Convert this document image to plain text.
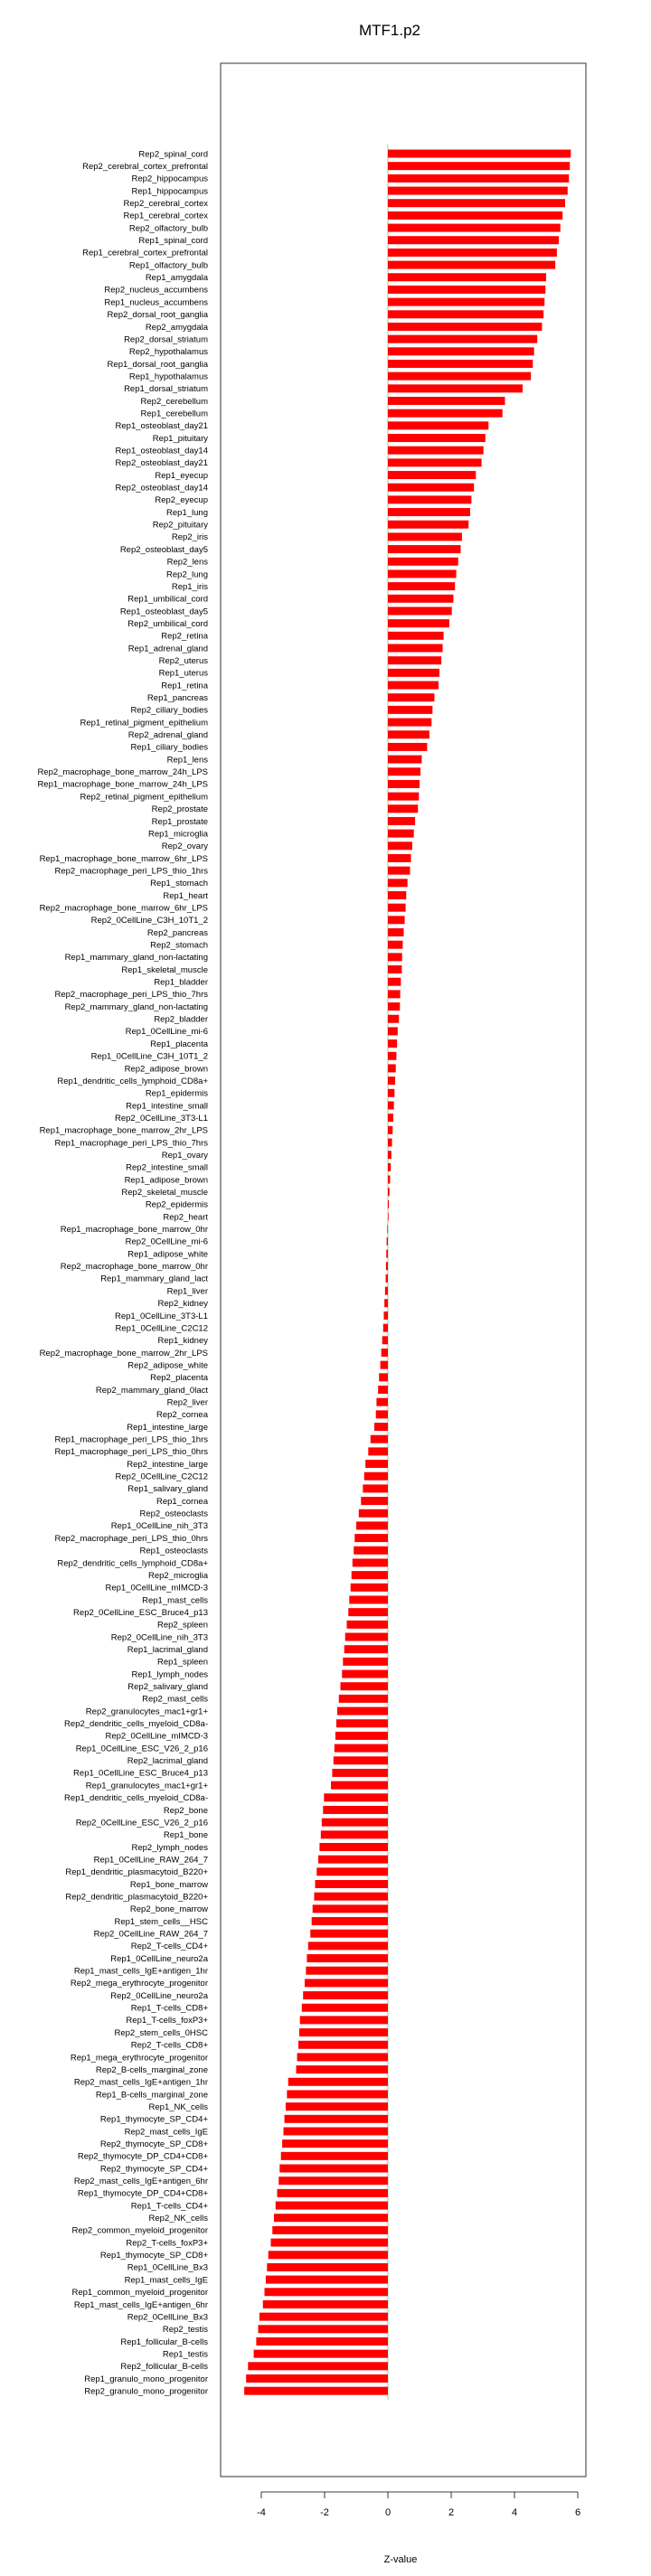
MTF1.p2
Rep2_spinal_cord
Rep2_cerebral_cortex_prefrontal
Rep2_hippocampus
Rep1_hippocampus
Rep2_cerebral_cortex
Rep1_cerebral_cortex
Rep2_olfactory_bulb
Rep1_spinal_cord
Rep1_cerebral_cortex_prefrontal
Rep1_olfactory_bulb
Rep1_amygdala
Rep2_nucleus_accumbens
Rep1_nucleus_accumbens
Rep2_dorsal_root_ganglia
Rep2_amygdala
Rep2_dorsal_striatum
Rep2_hypothalamus
Rep1_dorsal_root_ganglia
Rep1_hypothalamus
Rep1_dorsal_striatum
Rep2_cerebellum
Rep1_cerebellum
Rep1_osteoblast_day21
Rep1_pituitary
Rep1_osteoblast_day14
Rep2_osteoblast_day21
Rep1_eyecup
Rep2_osteoblast_day14
Rep2_eyecup
Rep1_lung
Rep2_pituitary
Rep2_iris
Rep2_osteoblast_day5
Rep2_lens
Rep2_lung
Rep1_iris
Rep1_umbilical_cord
Rep1_osteoblast_day5
Rep2_umbilical_cord
Rep2_retina
Rep1_adrenal_gland
Rep2_uterus
Rep1_uterus
Rep1_retina
Rep1_pancreas
Rep2_ciliary_bodies
Rep1_retinal_pigment_epithelium
Rep2_adrenal_gland
Rep1_ciliary_bodies
Rep1_lens
Rep2_macrophage_bone_marrow_24h_LPS
Rep1_macrophage_bone_marrow_24h_LPS
Rep2_retinal_pigment_epithelium
Rep2_prostate
Rep1_prostate
Rep1_microglia
Rep2_ovary
Rep1_macrophage_bone_marrow_6hr_LPS
Rep2_macrophage_peri_LPS_thio_1hrs
Rep1_stomach
Rep1_heart
Rep2_macrophage_bone_marrow_6hr_LPS
Rep2_0CellLine_C3H_10T1_2
Rep2_pancreas
Rep2_stomach
Rep1_mammary_gland_non-lactating
Rep1_skeletal_muscle
Rep1_bladder
Rep2_macrophage_peri_LPS_thio_7hrs
Rep2_mammary_gland_non-lactating
Rep2_bladder
Rep1_0CellLine_mi-6
Rep1_placenta
Rep1_0CellLine_C3H_10T1_2
Rep2_adipose_brown
Rep1_dendritic_cells_lymphoid_CD8a+
Rep1_epidermis
Rep1_intestine_small
Rep2_0CellLine_3T3-L1
Rep1_macrophage_bone_marrow_2hr_LPS
Rep1_macrophage_peri_LPS_thio_7hrs
Rep1_ovary
Rep2_intestine_small
Rep1_adipose_brown
Rep2_skeletal_muscle
Rep2_epidermis
Rep2_heart
Rep1_macrophage_bone_marrow_0hr
Rep2_0CellLine_mi-6
Rep1_adipose_white
Rep2_macrophage_bone_marrow_0hr
Rep1_mammary_gland_lact
Rep1_liver
Rep2_kidney
Rep1_0CellLine_3T3-L1
Rep1_0CellLine_C2C12
Rep1_kidney
Rep2_macrophage_bone_marrow_2hr_LPS
Rep2_adipose_white
Rep2_placenta
Rep2_mammary_gland_0lact
Rep2_liver
Rep2_cornea
Rep1_intestine_large
Rep1_macrophage_peri_LPS_thio_1hrs
Rep1_macrophage_peri_LPS_thio_0hrs
Rep2_intestine_large
Rep2_0CellLine_C2C12
Rep1_salivary_gland
Rep1_cornea
Rep2_osteoclasts
Rep1_0CellLine_nih_3T3
Rep2_macrophage_peri_LPS_thio_0hrs
Rep1_osteoclasts
Rep2_dendritic_cells_lymphoid_CD8a+
Rep2_microglia
Rep1_0CellLine_mIMCD-3
Rep1_mast_cells
Rep2_0CellLine_ESC_Bruce4_p13
Rep2_spleen
Rep2_0CellLine_nih_3T3
Rep1_lacrimal_gland
Rep1_spleen
Rep1_lymph_nodes
Rep2_salivary_gland
Rep2_mast_cells
Rep2_granulocytes_mac1+gr1+
Rep2_dendritic_cells_myeloid_CD8a-
Rep2_0CellLine_mIMCD-3
Rep1_0CellLine_ESC_V26_2_p16
Rep2_lacrimal_gland
Rep1_0CellLine_ESC_Bruce4_p13
Rep1_granulocytes_mac1+gr1+
Rep1_dendritic_cells_myeloid_CD8a-
Rep2_bone
Rep2_0CellLine_ESC_V26_2_p16
Rep1_bone
Rep2_lymph_nodes
Rep1_0CellLine_RAW_264_7
Rep1_dendritic_plasmacytoid_B220+
Rep1_bone_marrow
Rep2_dendritic_plasmacytoid_B220+
Rep2_bone_marrow
Rep1_stem_cells__HSC
Rep2_0CellLine_RAW_264_7
Rep2_T-cells_CD4+
Rep1_0CellLine_neuro2a
Rep1_mast_cells_IgE+antigen_1hr
Rep2_mega_erythrocyte_progenitor
Rep2_0CellLine_neuro2a
Rep1_T-cells_CD8+
Rep1_T-cells_foxP3+
Rep2_stem_cells_0HSC
Rep2_T-cells_CD8+
Rep1_mega_erythrocyte_progenitor
Rep2_B-cells_marginal_zone
Rep2_mast_cells_IgE+antigen_1hr
Rep1_B-cells_marginal_zone
Rep1_NK_cells
Rep1_thymocyte_SP_CD4+
Rep2_mast_cells_IgE
Rep2_thymocyte_SP_CD8+
Rep2_thymocyte_DP_CD4+CD8+
Rep2_thymocyte_SP_CD4+
Rep2_mast_cells_IgE+antigen_6hr
Rep1_thymocyte_DP_CD4+CD8+
Rep1_T-cells_CD4+
Rep2_NK_cells
Rep2_common_myeloid_progenitor
Rep2_T-cells_foxP3+
Rep1_thymocyte_SP_CD8+
Rep1_0CellLine_Bx3
Rep1_mast_cells_IgE
Rep1_common_myeloid_progenitor
Rep1_mast_cells_IgE+antigen_6hr
Rep2_0CellLine_Bx3
Rep2_testis
Rep1_follicular_B-cells
Rep1_testis
Rep2_follicular_B-cells
Rep1_granulo_mono_progenitor
Rep2_granulo_mono_progenitor
-4	-2	0	2	4	6
Z-value
